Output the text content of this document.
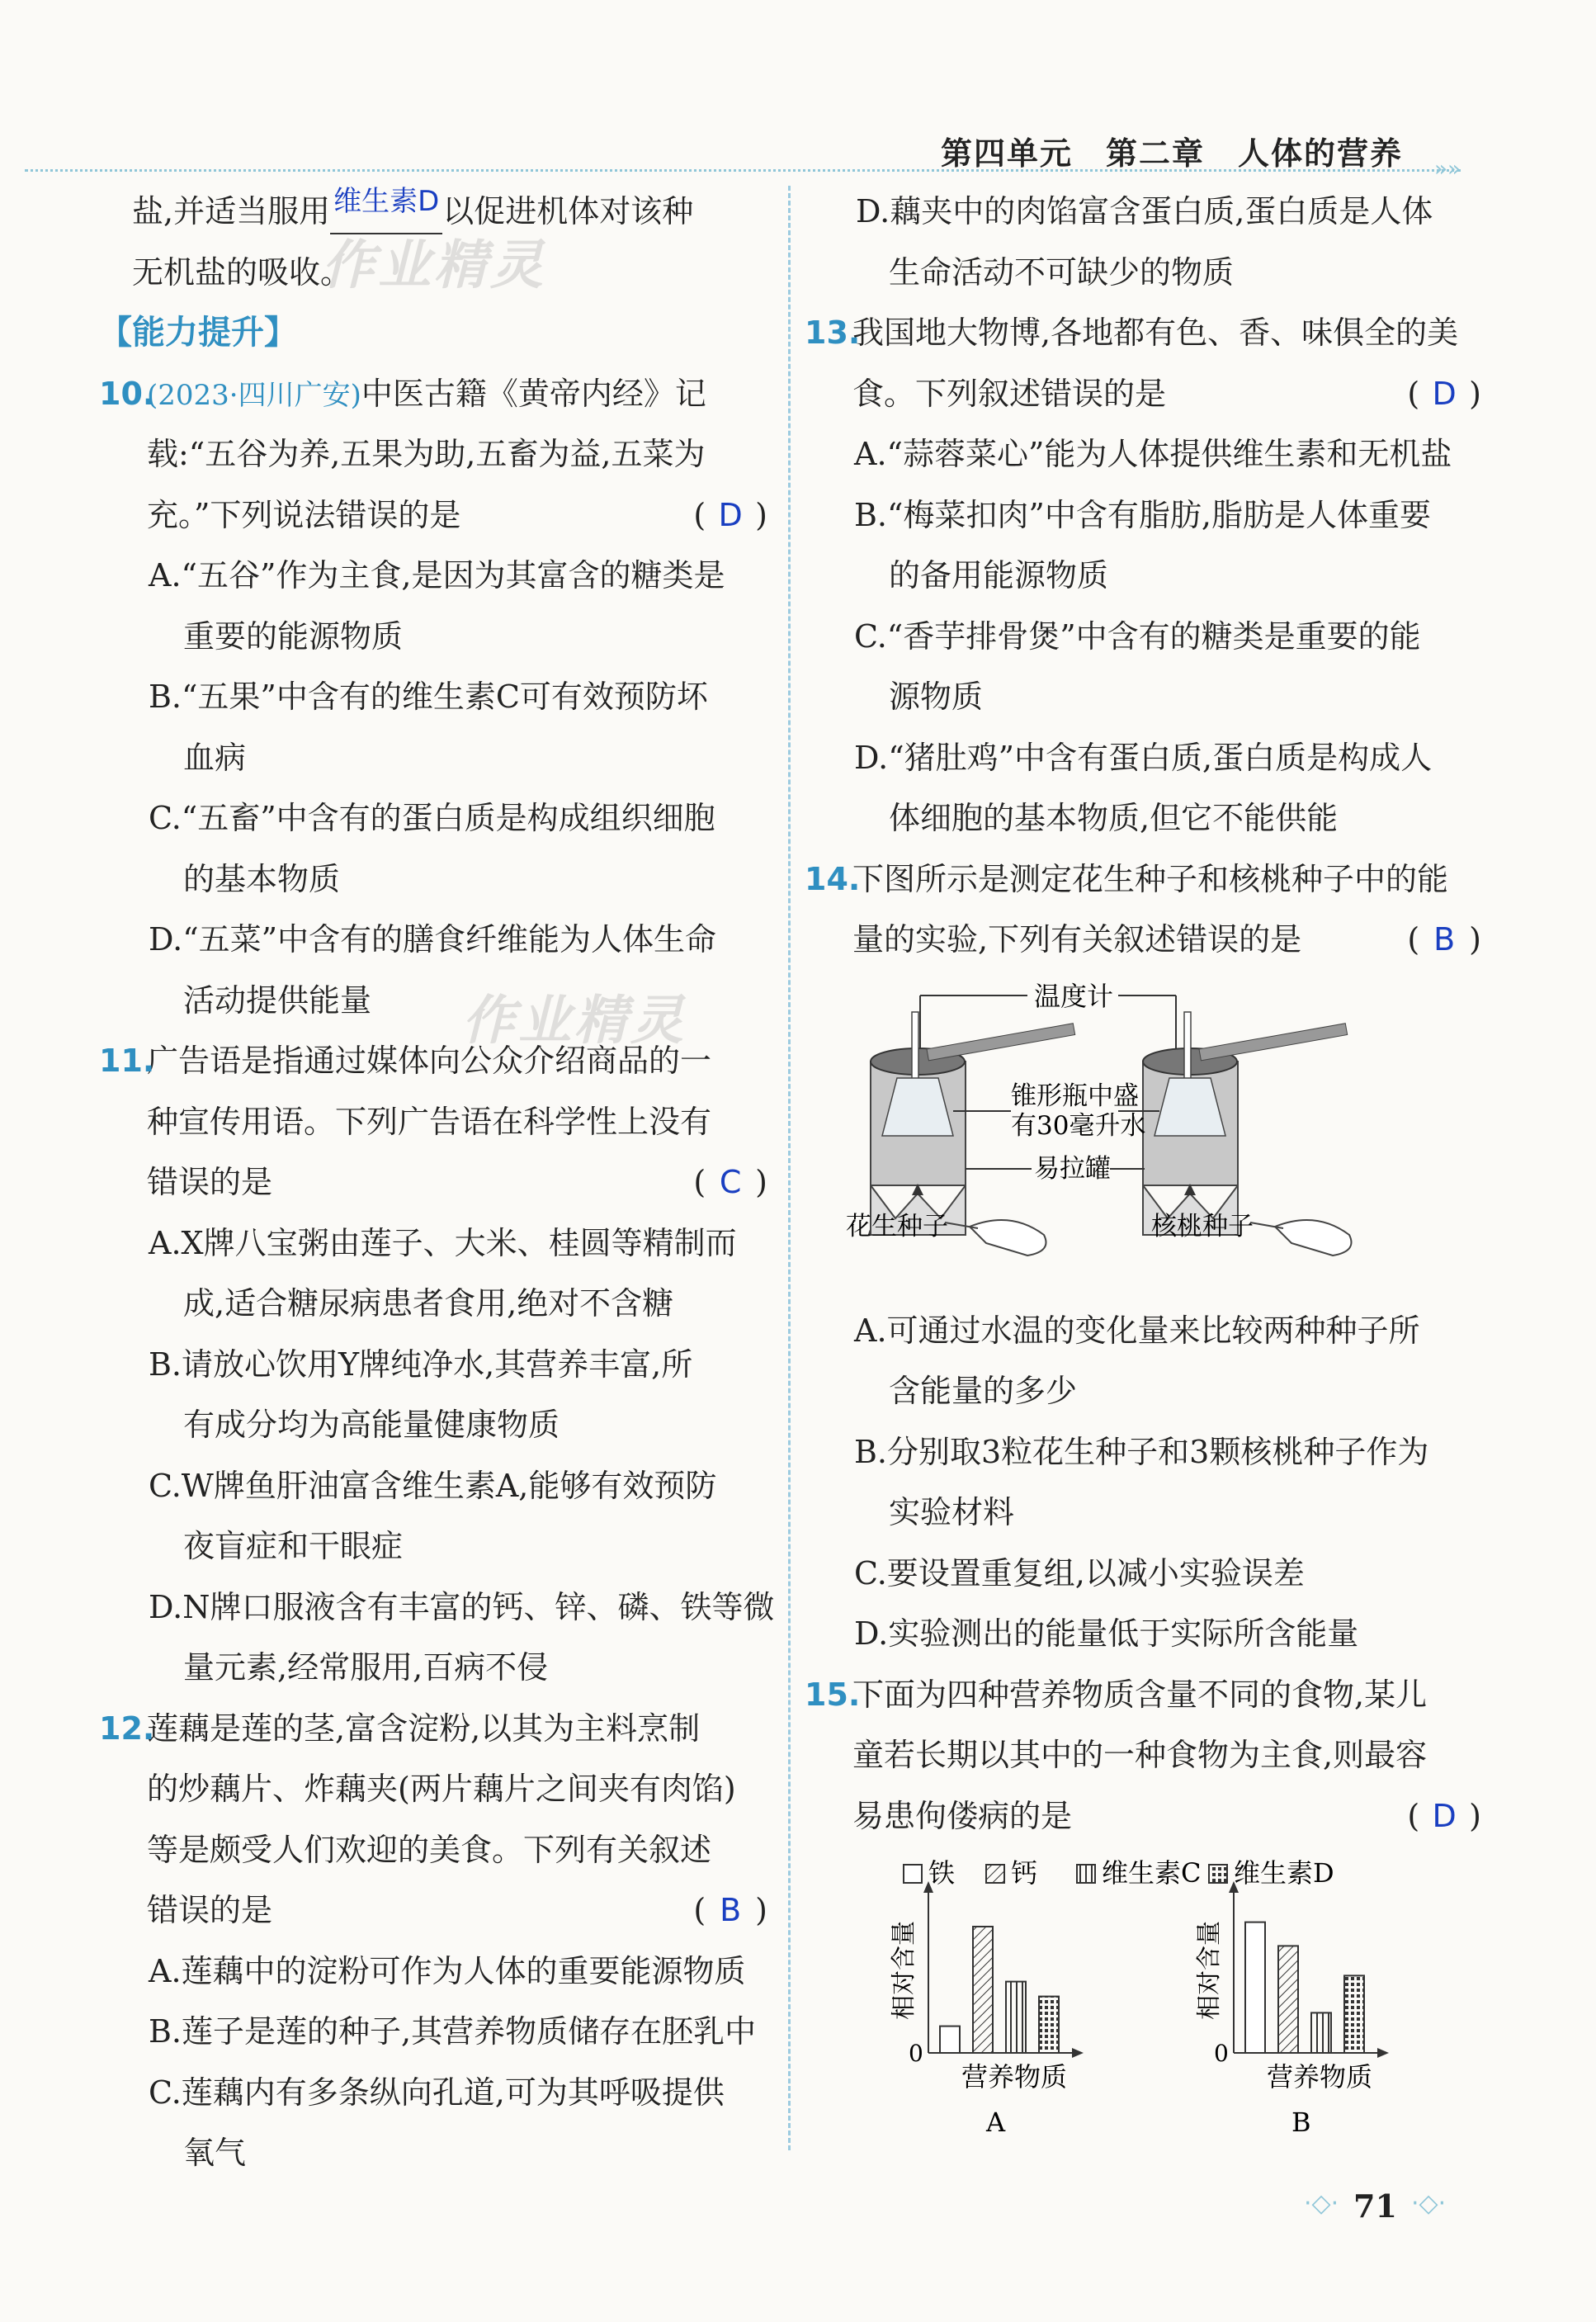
第四单元　第二章　人体的营养 »»
盐,并适当服用 维生素D 以促进机体对该种
无机盐的吸收。
【能力提升】
10.
(2023·四川广安)中医古籍《黄帝内经》记
载:“五谷为养,五果为助,五畜为益,五菜为
充。”下列说法错误的是	( D )
A.“五谷”作为主食,是因为其富含的糖类是
重要的能源物质
B.“五果”中含有的维生素C可有效预防坏
血病
C.“五畜”中含有的蛋白质是构成组织细胞
的基本物质
D.“五菜”中含有的膳食纤维能为人体生命
活动提供能量
11.
广告语是指通过媒体向公众介绍商品的一
种宣传用语。下列广告语在科学性上没有
错误的是	( C )
A.X牌八宝粥由莲子、大米、桂圆等精制而
成,适合糖尿病患者食用,绝对不含糖
B.请放心饮用Y牌纯净水,其营养丰富,所
有成分均为高能量健康物质
C.W牌鱼肝油富含维生素A,能够有效预防
夜盲症和干眼症
D.N牌口服液含有丰富的钙、锌、磷、铁等微
量元素,经常服用,百病不侵
12.
莲藕是莲的茎,富含淀粉,以其为主料烹制
的炒藕片、炸藕夹(两片藕片之间夹有肉馅)
等是颇受人们欢迎的美食。下列有关叙述
错误的是	( B )
A.莲藕中的淀粉可作为人体的重要能源物质
B.莲子是莲的种子,其营养物质储存在胚乳中
C.莲藕内有多条纵向孔道,可为其呼吸提供
氧气
D.藕夹中的肉馅富含蛋白质,蛋白质是人体
生命活动不可缺少的物质
13.
我国地大物博,各地都有色、香、味俱全的美
食。下列叙述错误的是	( D )
A.“蒜蓉菜心”能为人体提供维生素和无机盐
B.“梅菜扣肉”中含有脂肪,脂肪是人体重要
的备用能源物质
C.“香芋排骨煲”中含有的糖类是重要的能
源物质
D.“猪肚鸡”中含有蛋白质,蛋白质是构成人
体细胞的基本物质,但它不能供能
14.
下图所示是测定花生种子和核桃种子中的能
量的实验,下列有关叙述错误的是	( B )
温度计
锥形瓶中盛
有30毫升水
易拉罐
花生种子	核桃种子
A.可通过水温的变化量来比较两种种子所
含能量的多少
B.分别取3粒花生种子和3颗核桃种子作为
实验材料
C.要设置重复组,以减小实验误差
D.实验测出的能量低于实际所含能量
15.
下面为四种营养物质含量不同的食物,某儿
童若长期以其中的一种食物为主食,则最容
易患佝偻病的是	( D )
铁 钙 维生素C 维生素D
0
相对含量
营养物质
A
0
相对含量
营养物质
B
作业精灵
作业精灵
·◇· 71 ·◇·
